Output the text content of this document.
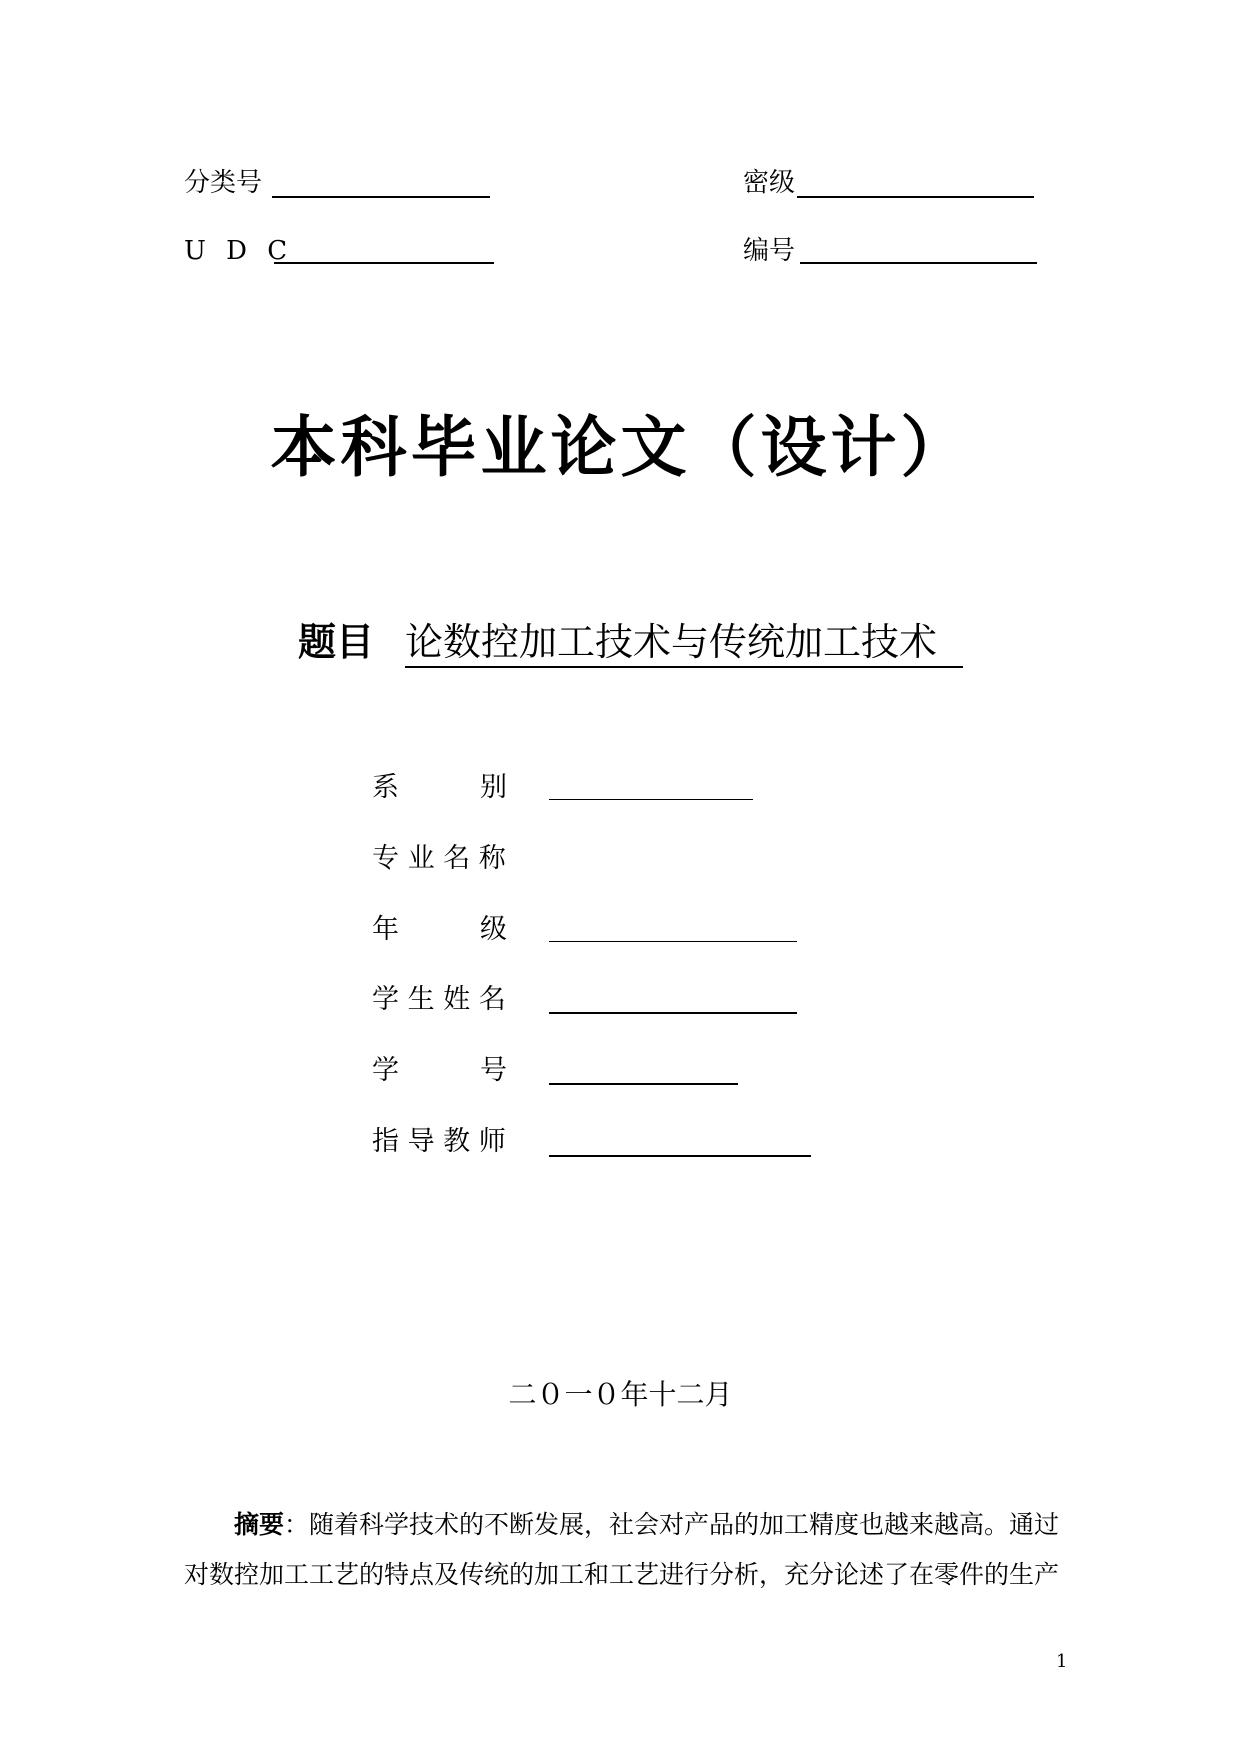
分类号	密级
U D C	编号
本科毕业论文（设计）
题目 论数控加工技术与传统加工技术
系　　　别
专 业 名 称
年　　　级
学 生 姓 名
学　　　号
指 导 教 师
二０一０年十二月
摘要：随着科学技术的不断发展，社会对产品的加工精度也越来越高。通过对数控加工工艺的特点及传统的加工和工艺进行分析，充分论述了在零件的生产
1
